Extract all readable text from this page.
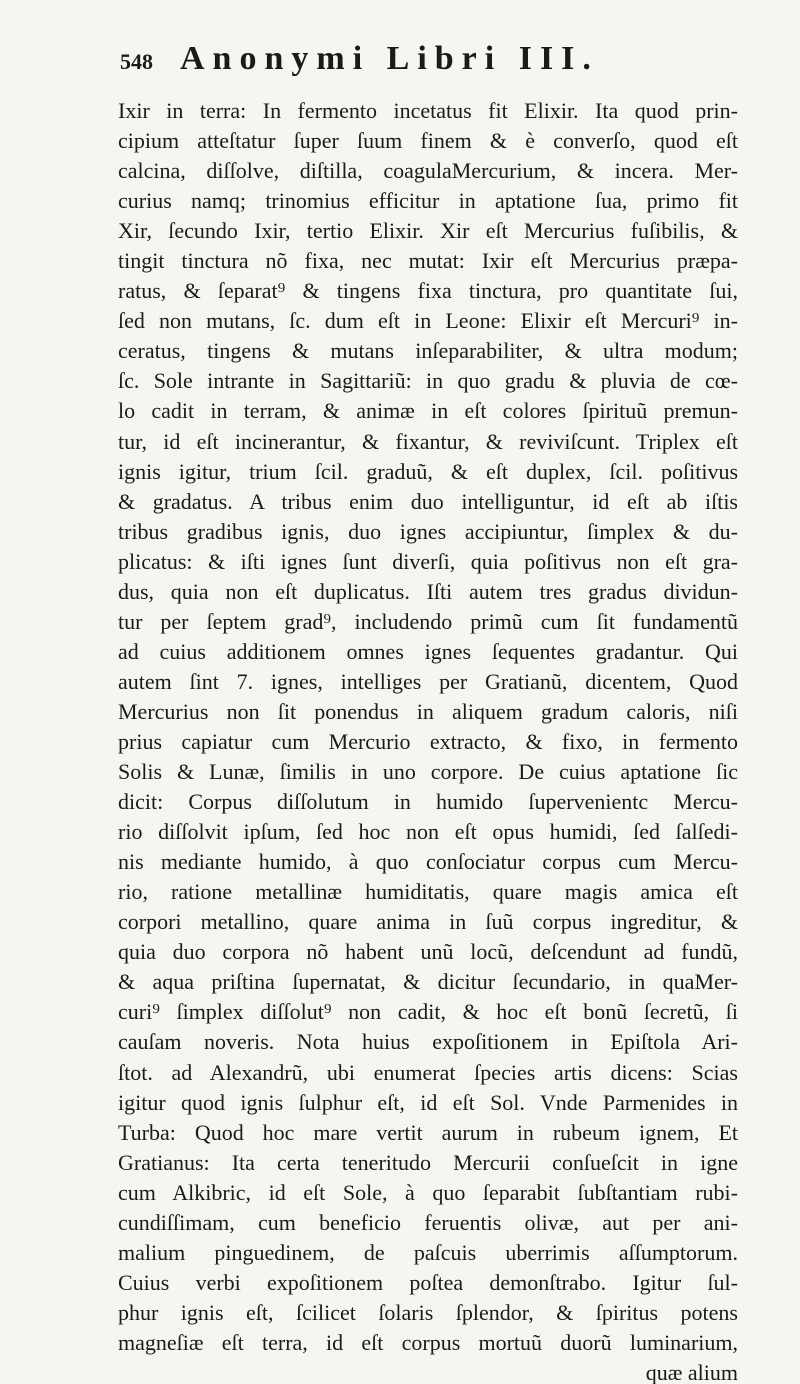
548 Anonymi Libri III.
Ixir in terra: In fermento incetatus fit Elixir. Ita quod prin-
cipium atteſtatur ſuper ſuum finem & è converſo, quod eſt
calcina, diſſolve, diſtilla, coagulaMercurium, & incera. Mer-
curius namq; trinomius efficitur in aptatione ſua, primo fit
Xir, ſecundo Ixir, tertio Elixir. Xir eſt Mercurius fuſibilis, &
tingit tinctura nõ fixa, nec mutat: Ixir eſt Mercurius præpa-
ratus, & ſeparat⁹ & tingens fixa tinctura, pro quantitate ſui,
ſed non mutans, ſc. dum eſt in Leone: Elixir eſt Mercuri⁹ in-
ceratus, tingens & mutans inſeparabiliter, & ultra modum;
ſc. Sole intrante in Sagittariũ: in quo gradu & pluvia de cœ-
lo cadit in terram, & animæ in eſt colores ſpirituũ premun-
tur, id eſt incinerantur, & fixantur, & reviviſcunt. Triplex eſt
ignis igitur, trium ſcil. graduũ, & eſt duplex, ſcil. poſitivus
& gradatus. A tribus enim duo intelliguntur, id eſt ab iſtis
tribus gradibus ignis, duo ignes accipiuntur, ſimplex & du-
plicatus: & iſti ignes ſunt diverſi, quia poſitivus non eſt gra-
dus, quia non eſt duplicatus. Iſti autem tres gradus dividun-
tur per ſeptem grad⁹, includendo primũ cum ſit fundamentũ
ad cuius additionem omnes ignes ſequentes gradantur. Qui
autem ſint 7. ignes, intelliges per Gratianũ, dicentem, Quod
Mercurius non ſit ponendus in aliquem gradum caloris, niſi
prius capiatur cum Mercurio extracto, & fixo, in fermento
Solis & Lunæ, ſimilis in uno corpore. De cuius aptatione ſic
dicit: Corpus diſſolutum in humido ſupervenientc Mercu-
rio diſſolvit ipſum, ſed hoc non eſt opus humidi, ſed ſalſedi-
nis mediante humido, à quo conſociatur corpus cum Mercu-
rio, ratione metallinæ humiditatis, quare magis amica eſt
corpori metallino, quare anima in ſuũ corpus ingreditur, &
quia duo corpora nõ habent unũ locũ, deſcendunt ad fundũ,
& aqua priſtina ſupernatat, & dicitur ſecundario, in quaMer-
curi⁹ ſimplex diſſolut⁹ non cadit, & hoc eſt bonũ ſecretũ, ſi
cauſam noveris. Nota huius expoſitionem in Epiſtola Ari-
ſtot. ad Alexandrũ, ubi enumerat ſpecies artis dicens: Scias
igitur quod ignis ſulphur eſt, id eſt Sol. Vnde Parmenides in
Turba: Quod hoc mare vertit aurum in rubeum ignem, Et
Gratianus: Ita certa teneritudo Mercurii conſueſcit in igne
cum Alkibric, id eſt Sole, à quo ſeparabit ſubſtantiam rubi-
cundiſſimam, cum beneficio feruentis olivæ, aut per ani-
malium pinguedinem, de paſcuis uberrimis aſſumptorum.
Cuius verbi expoſitionem poſtea demonſtrabo. Igitur ſul-
phur ignis eſt, ſcilicet ſolaris ſplendor, & ſpiritus potens
magneſiæ eſt terra, id eſt corpus mortuũ duorũ luminarium,
quæ alium
